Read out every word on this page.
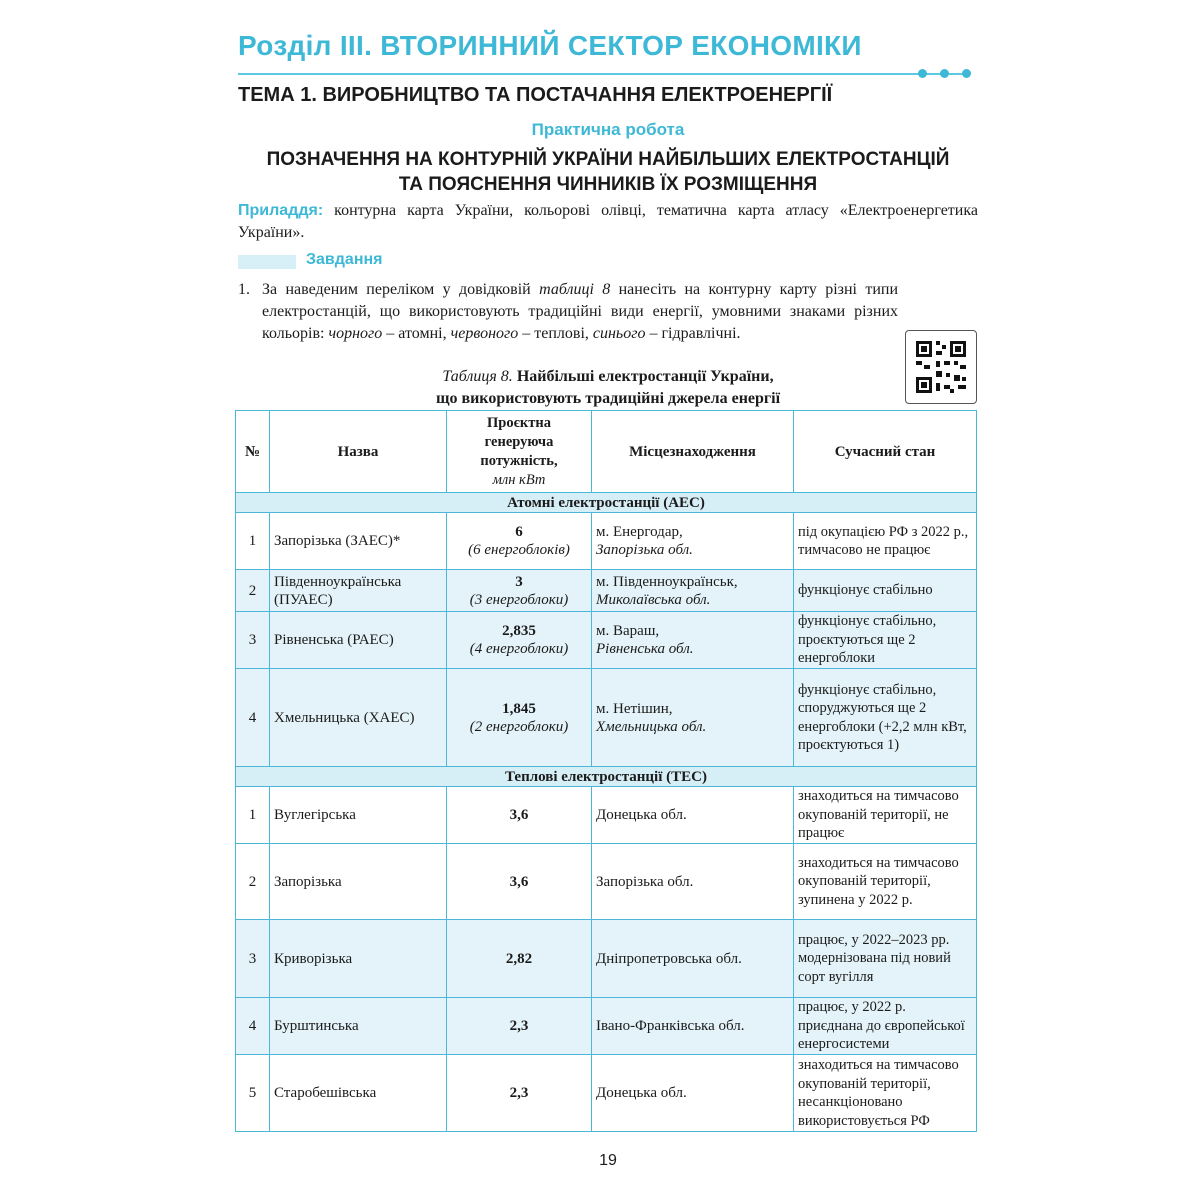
Розділ ІІІ. ВТОРИННИЙ СЕКТОР ЕКОНОМІКИ
ТЕМА 1. ВИРОБНИЦТВО ТА ПОСТАЧАННЯ ЕЛЕКТРОЕНЕРГІЇ
Практична робота
ПОЗНАЧЕННЯ НА КОНТУРНІЙ УКРАЇНИ НАЙБІЛЬШИХ ЕЛЕКТРОСТАНЦІЙ
ТА ПОЯСНЕННЯ ЧИННИКІВ ЇХ РОЗМІЩЕННЯ
Приладдя: контурна карта України, кольорові олівці, тематична карта атласу «Електроенергетика України».
Завдання
1. За наведеним переліком у довідковій таблиці 8 нанесіть на контурну карту різні типи електростанцій, що використовують традиційні види енергії, умовними знаками різних кольорів: чорного – атомні, червоного – теплові, синього – гідравлічні.
Таблиця 8. Найбільші електростанції України,
що використовують традиційні джерела енергії
№	Назва	Проєктна
генеруюча
потужність,
млн кВт	Місцезнаходження	Сучасний стан
Атомні електростанції (АЕС)				
1	Запорізька (ЗАЕС)*	6
(6 енергоблоків)	м. Енергодар,
Запорізька обл.	під окупацією РФ з 2022 р., тимчасово не працює
2	Південноукраїнська (ПУАЕС)	3
(3 енергоблоки)	м. Південноукраїнськ,
Миколаївська обл.	функціонує стабільно
3	Рівненська (РАЕС)	2,835
(4 енергоблоки)	м. Вараш,
Рівненська обл.	функціонує стабільно, проєктуються ще 2 енергоблоки
4	Хмельницька (ХАЕС)	1,845
(2 енергоблоки)	м. Нетішин,
Хмельницька обл.	функціонує стабільно, споруджуються ще 2 енергоблоки (+2,2 млн кВт, проєктуються 1)
Теплові електростанції (ТЕС)				
1	Вуглегірська	3,6	Донецька обл.	знаходиться на тимчасово окупованій території, не працює
2	Запорізька	3,6	Запорізька обл.	знаходиться на тимчасово окупованій території, зупинена у 2022 р.
3	Криворізька	2,82	Дніпропетровська обл.	працює, у 2022–2023 рр. модернізована під новий сорт вугілля
4	Бурштинська	2,3	Івано-Франківська обл.	працює, у 2022 р. приєднана до європейської енергосистеми
5	Старобешівська	2,3	Донецька обл.	знаходиться на тимчасово окупованій території, несанкціоновано використовується РФ
19
